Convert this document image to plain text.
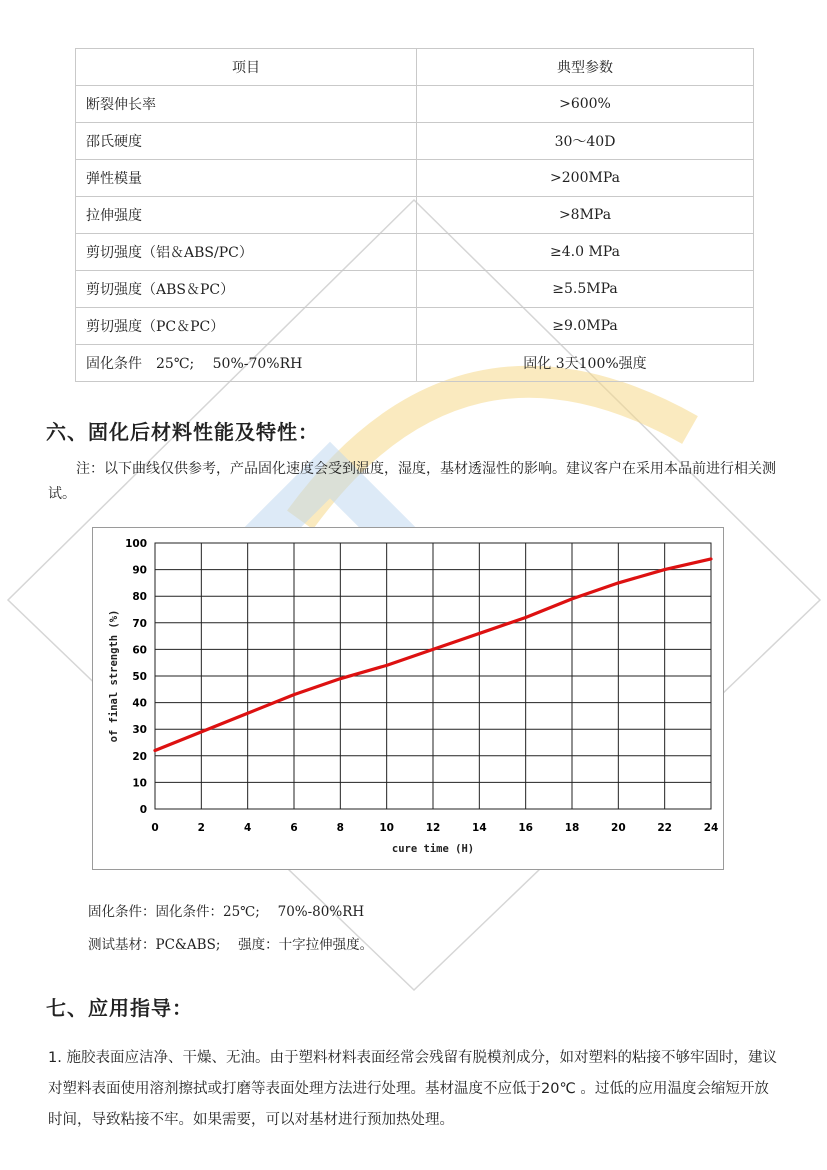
项目	典型参数
断裂伸长率	>600%
邵氏硬度	30～40D
弹性模量	>200MPa
拉伸强度	>8MPa
剪切强度（铝＆ABS/PC）	≥4.0 MPa
剪切强度（ABS＆PC）	≥5.5MPa
剪切强度（PC＆PC）	≥9.0MPa
固化条件　25℃;　 50%-70%RH	固化 3天100%强度
六、固化后材料性能及特性：

注：以下曲线仅供参考，产品固化速度会受到温度，湿度，基材透湿性的影响。建议客户在采用本品前进行相关测试。

0
10
20
30
40
50
60
70
80
90
100
0	2	4	6	8	10	12	14	16	18	20	22	24
of final strength (%)
cure time (H)

固化条件：固化条件：25℃;　 70%-80%RH

测试基材：PC&ABS;　 强度：十字拉伸强度。

七、应用指导：

1. 施胶表面应洁净、干燥、无油。由于塑料材料表面经常会残留有脱模剂成分，如对塑料的粘接不够牢固时，建议对塑料表面使用溶剂擦拭或打磨等表面处理方法进行处理。基材温度不应低于20℃ 。过低的应用温度会缩短开放时间，导致粘接不牢。如果需要，可以对基材进行预加热处理。
